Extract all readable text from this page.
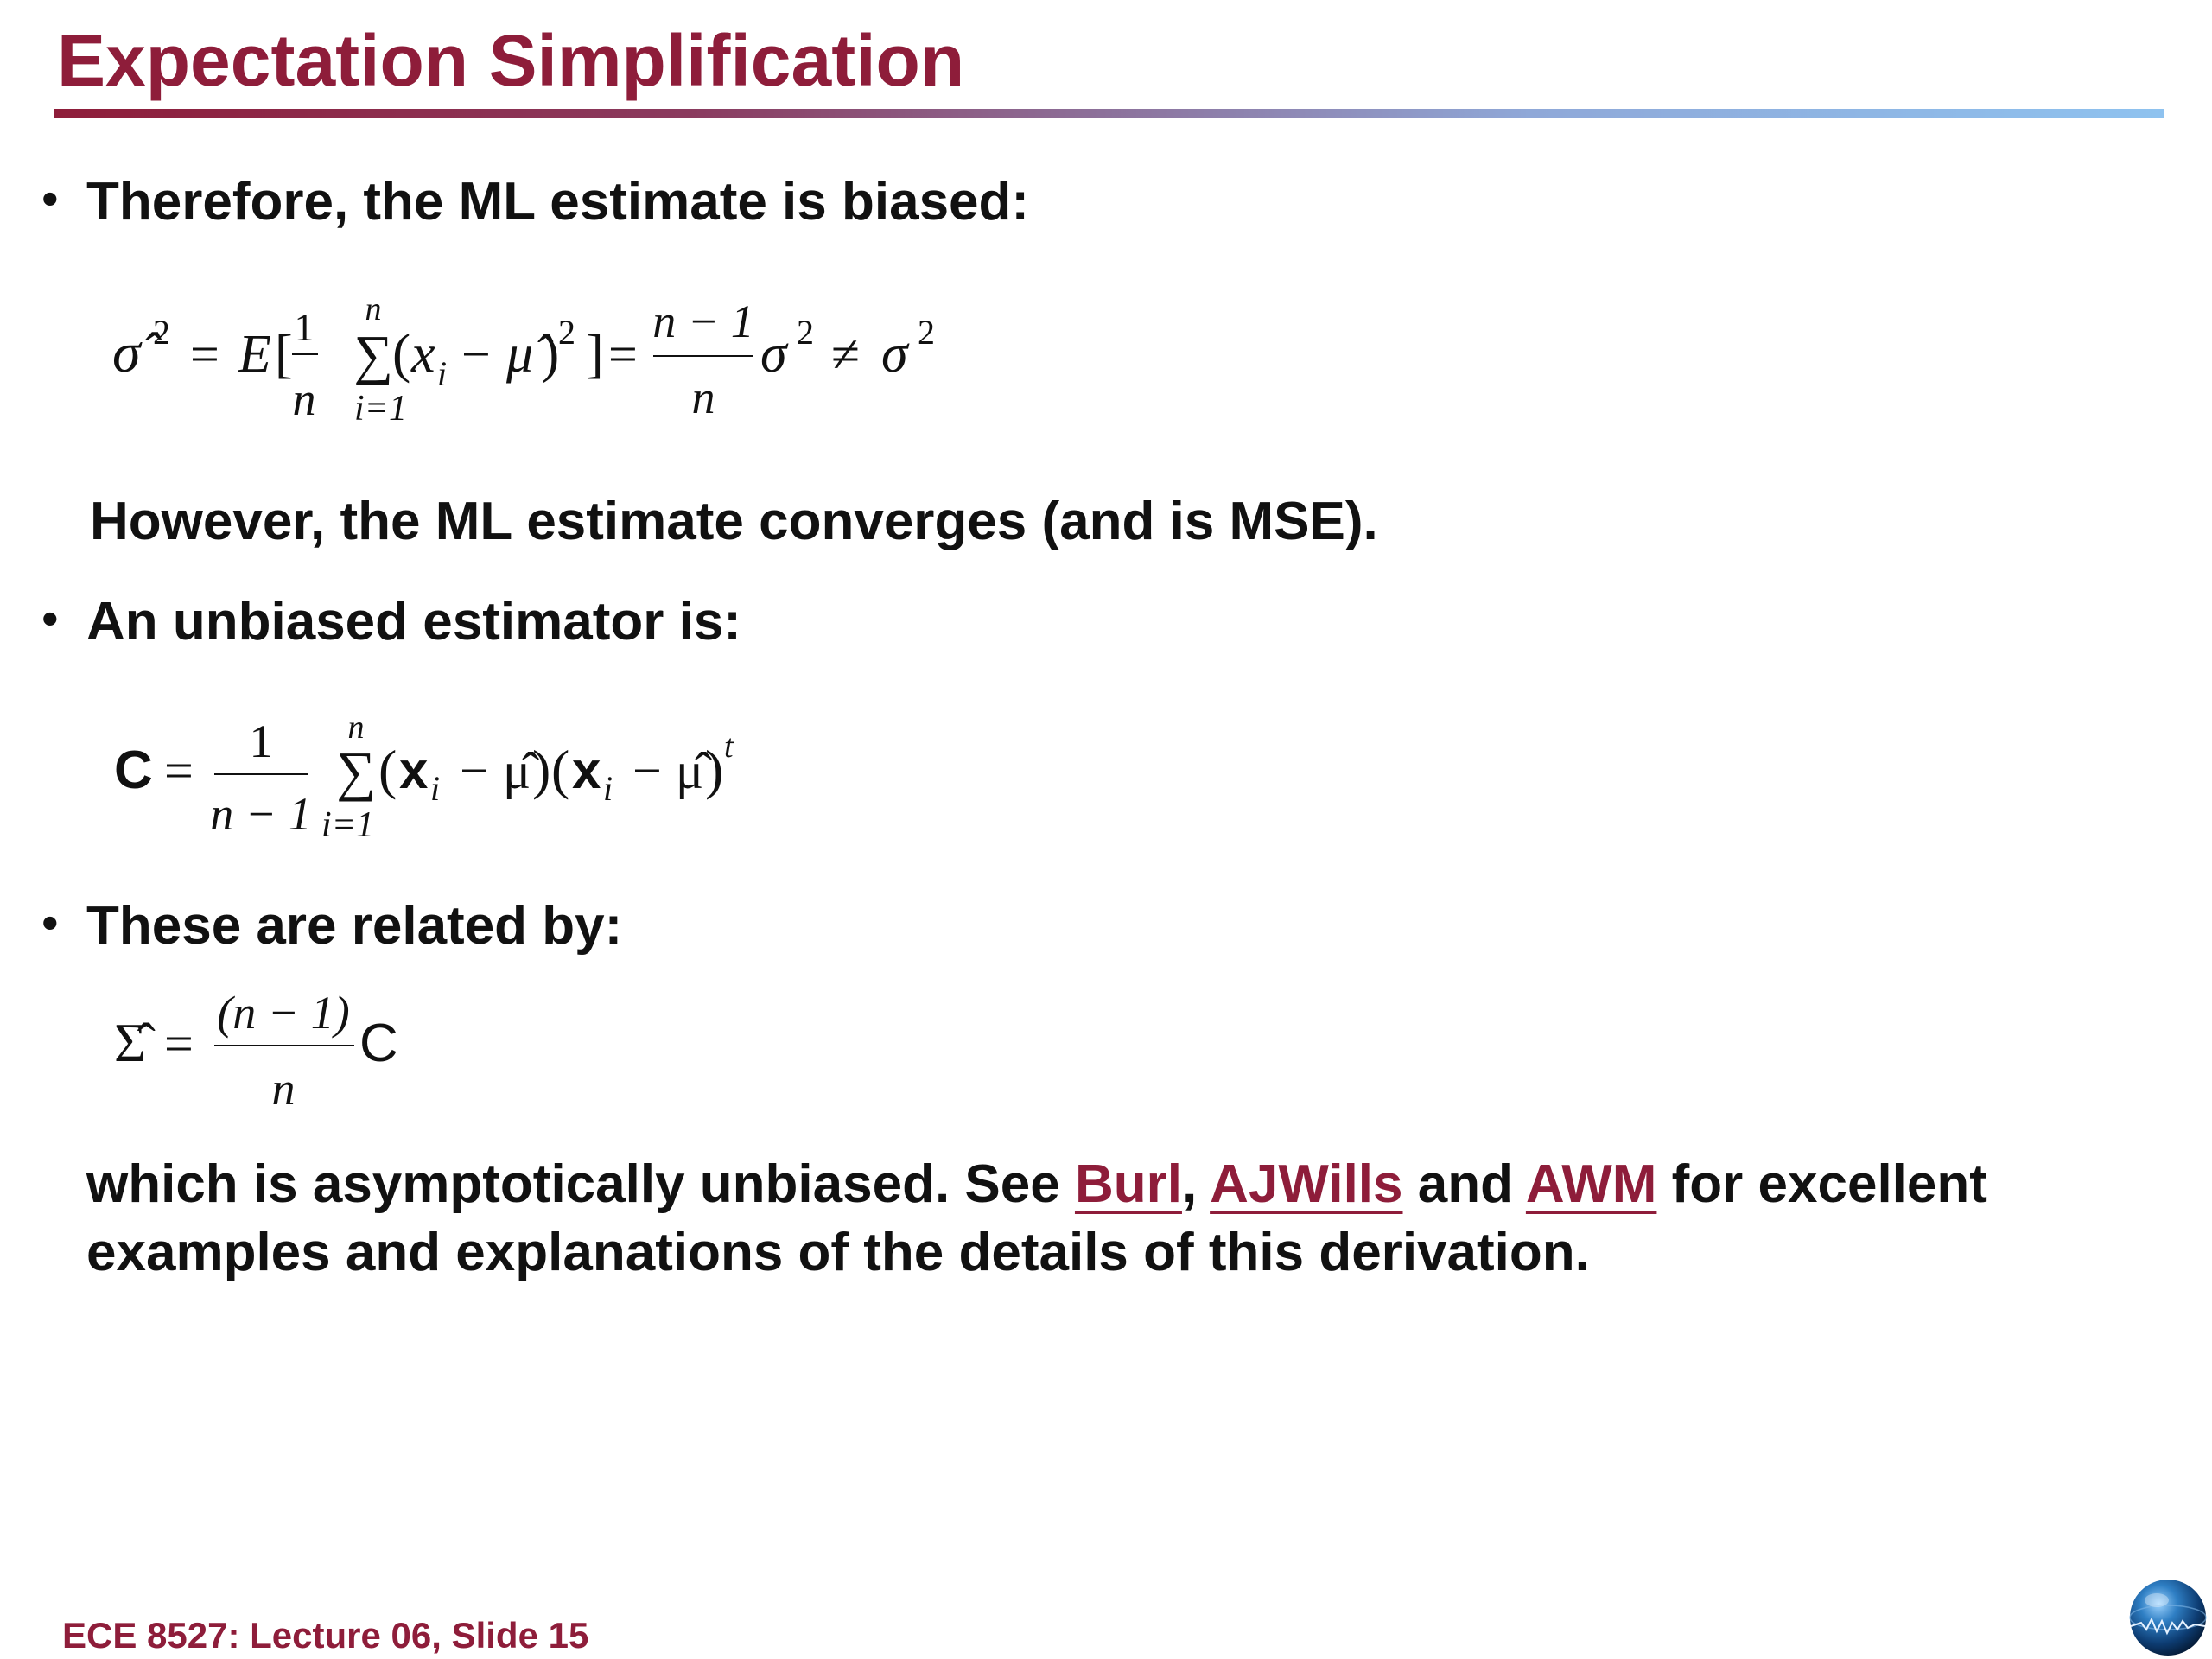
Expectation Simplification

• Therefore, the ML estimate is biased:

σ̂ 2 = E [ 1
n
n
∑
i=1
( x i − μ̂ )
2 ] =
n − 1
n
σ 2 ≠ σ 2

However, the ML estimate converges (and is MSE).

• An unbiased estimator is:

C =
1
n − 1
n
∑
i=1
( x i − μ̂ ) ( x i − μ̂ ) t

• These are related by:

Σ̂ =
(n − 1)
n
C

which is asymptotically unbiased. See Burl, AJWills and AWM for excellent examples and explanations of the details of this derivation.

ECE 8527: Lecture 06, Slide 15
